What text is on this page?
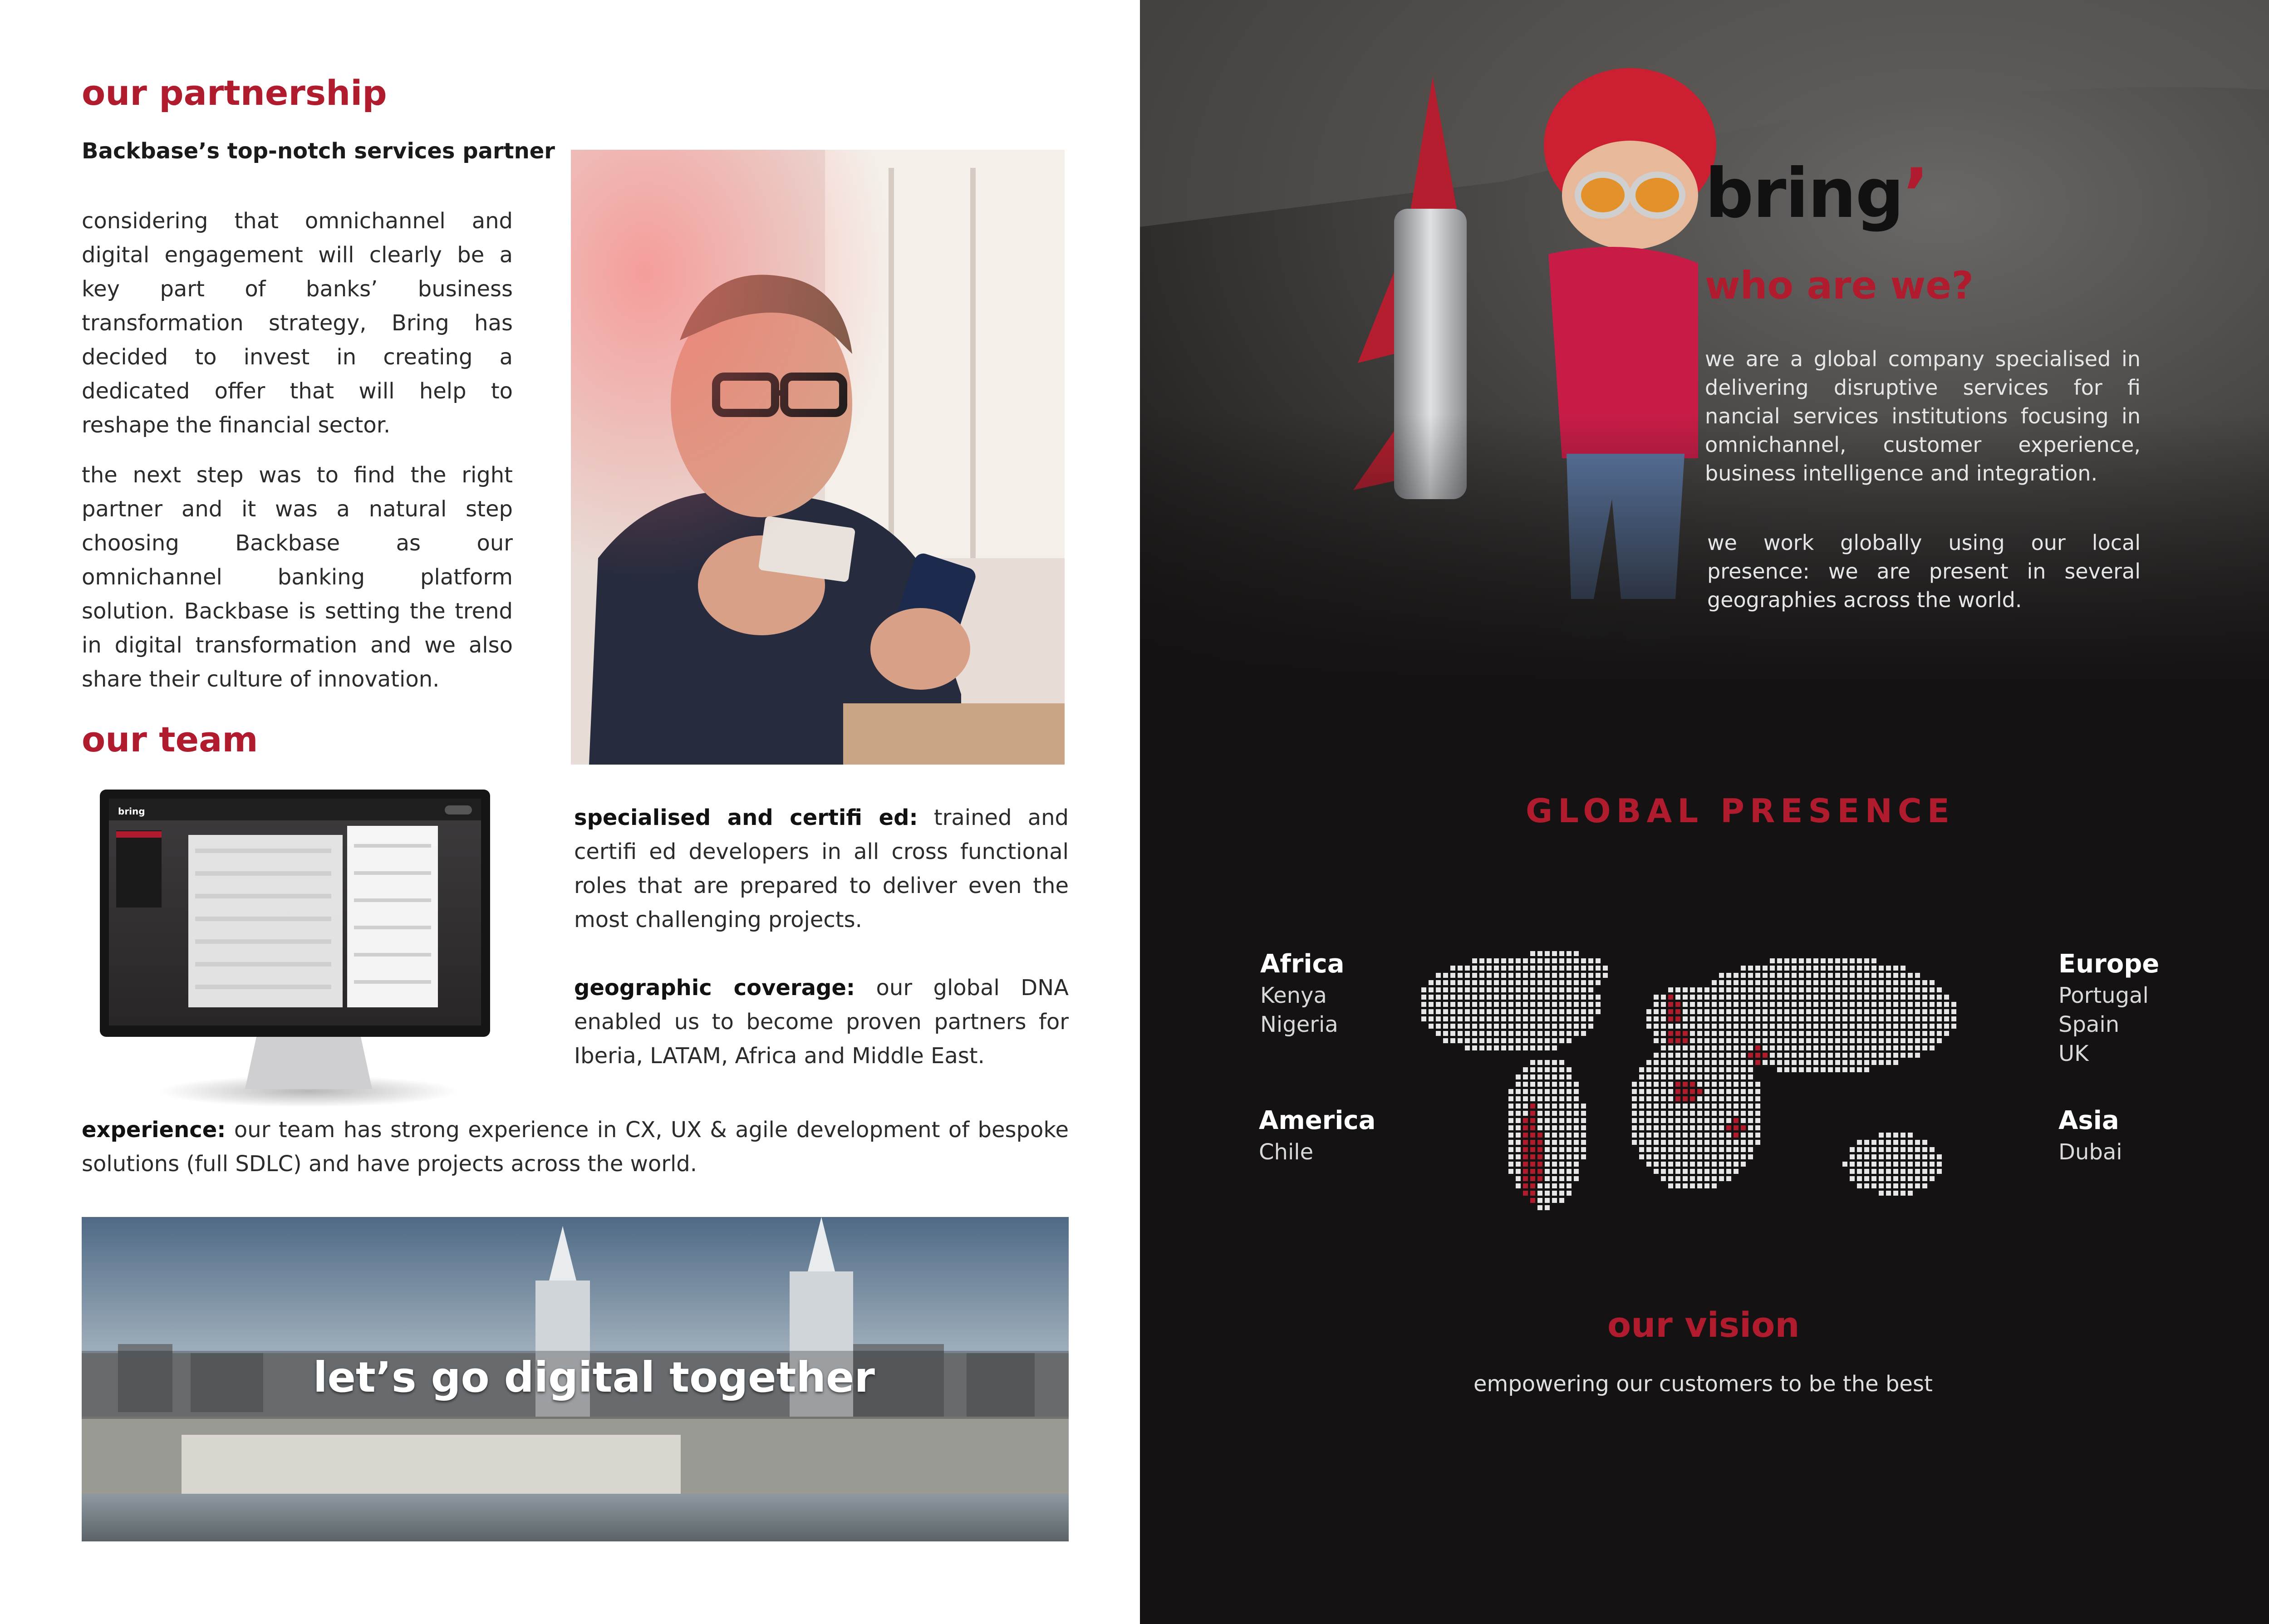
our partnership
Backbase’s top-notch services partner
considering that omnichannel and digital engagement will clearly be a key part of banks’ business transformation strategy, Bring has decided to invest in creating a dedicated offer that will help to reshape the financial sector.
the next step was to find the right partner and it was a natural step choosing Backbase as our omnichannel banking platform solution. Backbase is setting the trend in digital transformation and we also share their culture of innovation.
our team
bring	specialised and certifi ed: trained and certifi ed developers in all cross functional roles that are prepared to deliver even the most challenging projects.
geographic coverage: our global DNA enabled us to become proven partners for Iberia, LATAM, Africa and Middle East.
experience: our team has strong experience in CX, UX & agile development of bespoke solutions (full SDLC) and have projects across the world.
let’s go digital together
bring’
who are we?
we are a global company specialised in delivering disruptive services for fi nancial services institutions focusing in omnichannel, customer experience, business intelligence and integration.
we work globally using our local presence: we are present in several geographies across the world.
GLOBAL PRESENCE
Africa
Kenya
Nigeria
Europe
Portugal
Spain
UK
America
Chile
Asia
Dubai
our vision
empowering our customers to be the best
